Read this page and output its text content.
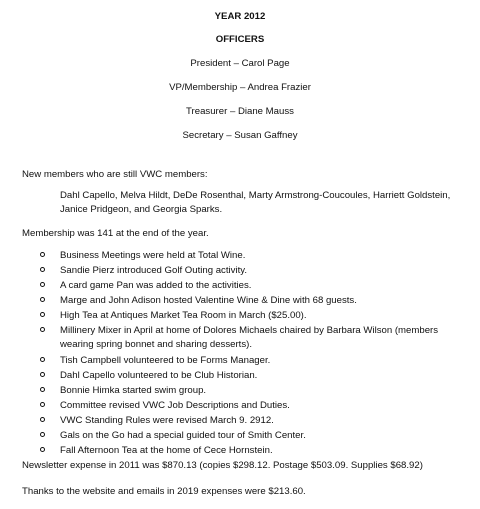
YEAR 2012
OFFICERS
President – Carol Page
VP/Membership – Andrea Frazier
Treasurer – Diane Mauss
Secretary – Susan Gaffney
New members who are still VWC members:
Dahl Capello, Melva Hildt, DeDe Rosenthal, Marty Armstrong-Coucoules, Harriett Goldstein, Janice Pridgeon, and Georgia Sparks.
Membership was 141 at the end of the year.
Business Meetings were held at Total Wine.
Sandie Pierz introduced Golf Outing activity.
A card game Pan was added to the activities.
Marge and John Adison hosted Valentine Wine & Dine with 68 guests.
High Tea at Antiques Market Tea Room in March ($25.00).
Millinery Mixer in April at home of Dolores Michaels chaired by Barbara Wilson (members wearing spring bonnet and sharing desserts).
Tish Campbell volunteered to be Forms Manager.
Dahl Capello volunteered to be Club Historian.
Bonnie Himka started swim group.
Committee revised VWC Job Descriptions and Duties.
VWC Standing Rules were revised March 9. 2912.
Gals on the Go had a special guided tour of Smith Center.
Fall Afternoon Tea at the home of Cece Hornstein.
Newsletter expense in 2011 was $870.13 (copies $298.12. Postage $503.09. Supplies $68.92)
Thanks to the website and emails in 2019 expenses were $213.60.
